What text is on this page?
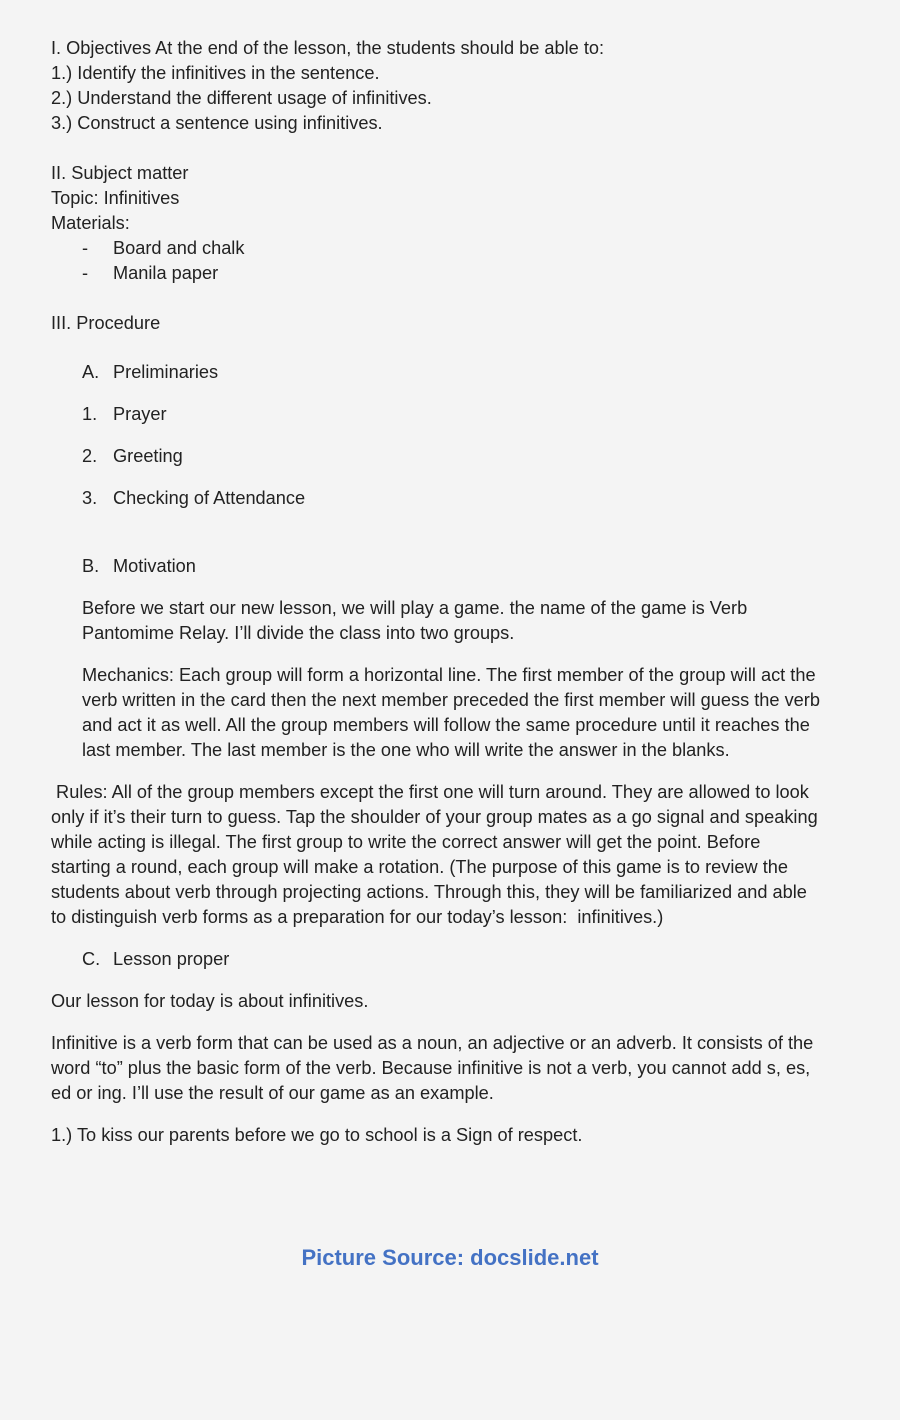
I. Objectives At the end of the lesson, the students should be able to:

1.) Identify the infinitives in the sentence.

2.) Understand the different usage of infinitives.

3.) Construct a sentence using infinitives.

II. Subject matter

Topic: Infinitives

Materials:

-	Board and chalk
-	Manila paper

III. Procedure

A. Preliminaries

1. Prayer

2. Greeting

3. Checking of Attendance

B. Motivation

Before we start our new lesson, we will play a game. the name of the game is Verb

Pantomime Relay. I’ll divide the class into two groups.

Mechanics: Each group will form a horizontal line. The first member of the group will act the

verb written in the card then the next member preceded the first member will guess the verb

and act it as well. All the group members will follow the same procedure until it reaches the

last member. The last member is the one who will write the answer in the blanks.

Rules: All of the group members except the first one will turn around. They are allowed to look

only if it’s their turn to guess. Tap the shoulder of your group mates as a go signal and speaking

while acting is illegal. The first group to write the correct answer will get the point. Before

starting a round, each group will make a rotation. (The purpose of this game is to review the

students about verb through projecting actions. Through this, they will be familiarized and able

to distinguish verb forms as a preparation for our today’s lesson:  infinitives.)

C. Lesson proper

Our lesson for today is about infinitives.

Infinitive is a verb form that can be used as a noun, an adjective or an adverb. It consists of the

word “to” plus the basic form of the verb. Because infinitive is not a verb, you cannot add s, es,

ed or ing. I’ll use the result of our game as an example.

1.) To kiss our parents before we go to school is a Sign of respect.

Picture Source: docslide.net
